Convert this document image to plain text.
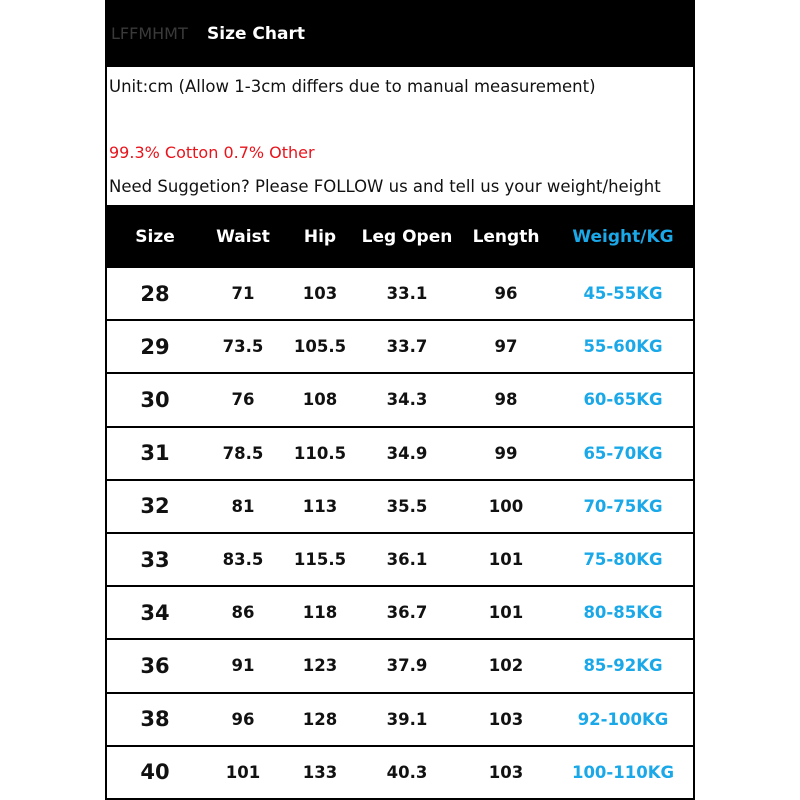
LFFMHMT Size Chart
Unit:cm (Allow 1-3cm differs due to manual measurement)
99.3% Cotton 0.7% Other
Need Suggetion? Please FOLLOW us and tell us your weight/height
Size	Waist	Hip	Leg Open	Length	Weight/KG
28	71	103	33.1	96	45-55KG
29	73.5	105.5	33.7	97	55-60KG
30	76	108	34.3	98	60-65KG
31	78.5	110.5	34.9	99	65-70KG
32	81	113	35.5	100	70-75KG
33	83.5	115.5	36.1	101	75-80KG
34	86	118	36.7	101	80-85KG
36	91	123	37.9	102	85-92KG
38	96	128	39.1	103	92-100KG
40	101	133	40.3	103	100-110KG
